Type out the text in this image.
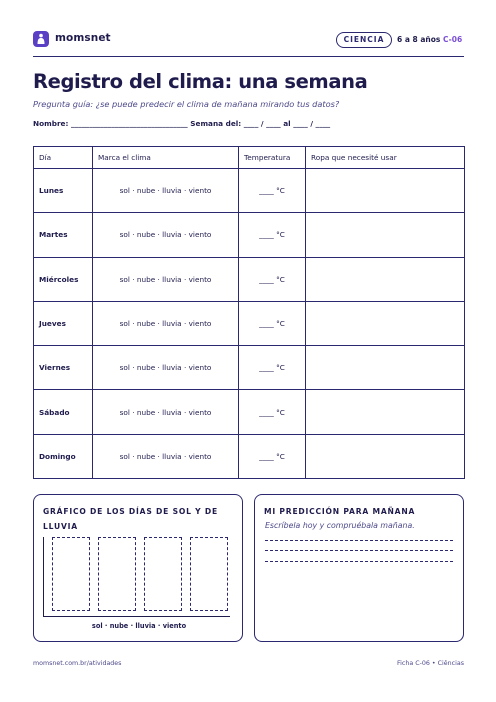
momsnet	CIENCIA	6 a 8 años C-06
Registro del clima: una semana
Pregunta guía: ¿se puede predecir el clima de mañana mirando tus datos?
Nombre: ________________________________ Semana del: ____ / ____ al ____ / ____
Día	Marca el clima	Temperatura	Ropa que necesité usar
Lunes	sol · nube · lluvia · viento	____ °C	
Martes	sol · nube · lluvia · viento	____ °C	
Miércoles	sol · nube · lluvia · viento	____ °C	
Jueves	sol · nube · lluvia · viento	____ °C	
Viernes	sol · nube · lluvia · viento	____ °C	
Sábado	sol · nube · lluvia · viento	____ °C	
Domingo	sol · nube · lluvia · viento	____ °C	
GRÁFICO DE LOS DÍAS DE SOL Y DE LLUVIA
sol · nube · lluvia · viento
MI PREDICCIÓN PARA MAÑANA
Escríbela hoy y compruébala mañana.
momsnet.com.br/atividades	Ficha C-06 • Ciências
